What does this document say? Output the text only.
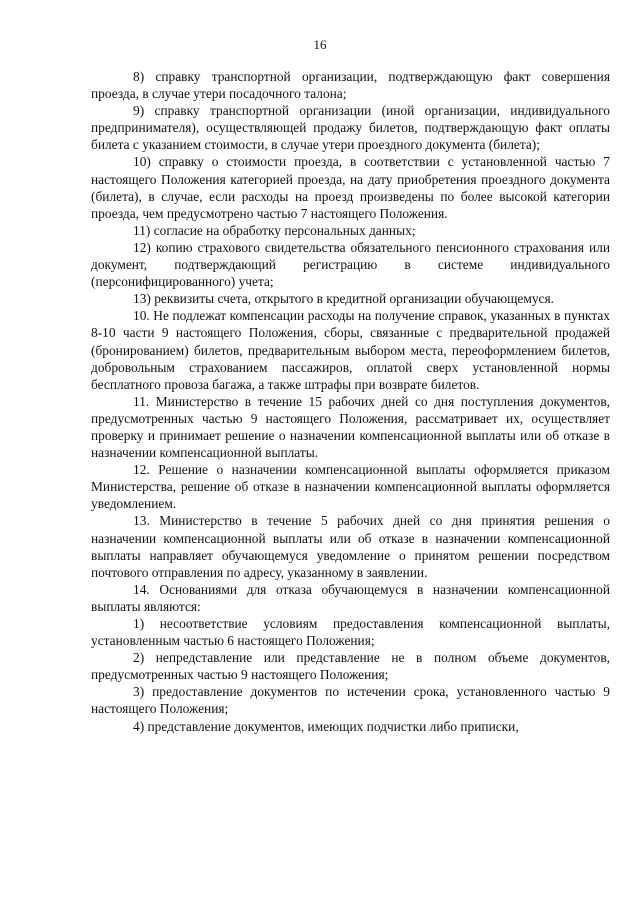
16

8) справку транспортной организации, подтверждающую факт совершения проезда, в случае утери посадочного талона;

9) справку транспортной организации (иной организации, индивидуального предпринимателя), осуществляющей продажу билетов, подтверждающую факт оплаты билета с указанием стоимости, в случае утери проездного документа (билета);

10) справку о стоимости проезда, в соответствии с установленной частью 7 настоящего Положения категорией проезда, на дату приобретения проездного документа (билета), в случае, если расходы на проезд произведены по более высокой категории проезда, чем предусмотрено частью 7 настоящего Положения.

11) согласие на обработку персональных данных;

12) копию страхового свидетельства обязательного пенсионного страхования или документ, подтверждающий регистрацию в системе индивидуального (персонифицированного) учета;

13) реквизиты счета, открытого в кредитной организации обучающемуся.

10. Не подлежат компенсации расходы на получение справок, указанных в пунктах 8-10 части 9 настоящего Положения, сборы, связанные с предварительной продажей (бронированием) билетов, предварительным выбором места, переоформлением билетов, добровольным страхованием пассажиров, оплатой сверх установленной нормы бесплатного провоза багажа, а также штрафы при возврате билетов.

11. Министерство в течение 15 рабочих дней со дня поступления документов, предусмотренных частью 9 настоящего Положения, рассматривает их, осуществляет проверку и принимает решение о назначении компенсационной выплаты или об отказе в назначении компенсационной выплаты.

12. Решение о назначении компенсационной выплаты оформляется приказом Министерства, решение об отказе в назначении компенсационной выплаты оформляется уведомлением.

13. Министерство в течение 5 рабочих дней со дня принятия решения о назначении компенсационной выплаты или об отказе в назначении компенсационной выплаты направляет обучающемуся уведомление о принятом решении посредством почтового отправления по адресу, указанному в заявлении.

14. Основаниями для отказа обучающемуся в назначении компенсационной выплаты являются:

1) несоответствие условиям предоставления компенсационной выплаты, установленным частью 6 настоящего Положения;

2) непредставление или представление не в полном объеме документов, предусмотренных частью 9 настоящего Положения;

3) предоставление документов по истечении срока, установленного частью 9 настоящего Положения;

4) представление документов, имеющих подчистки либо приписки,
